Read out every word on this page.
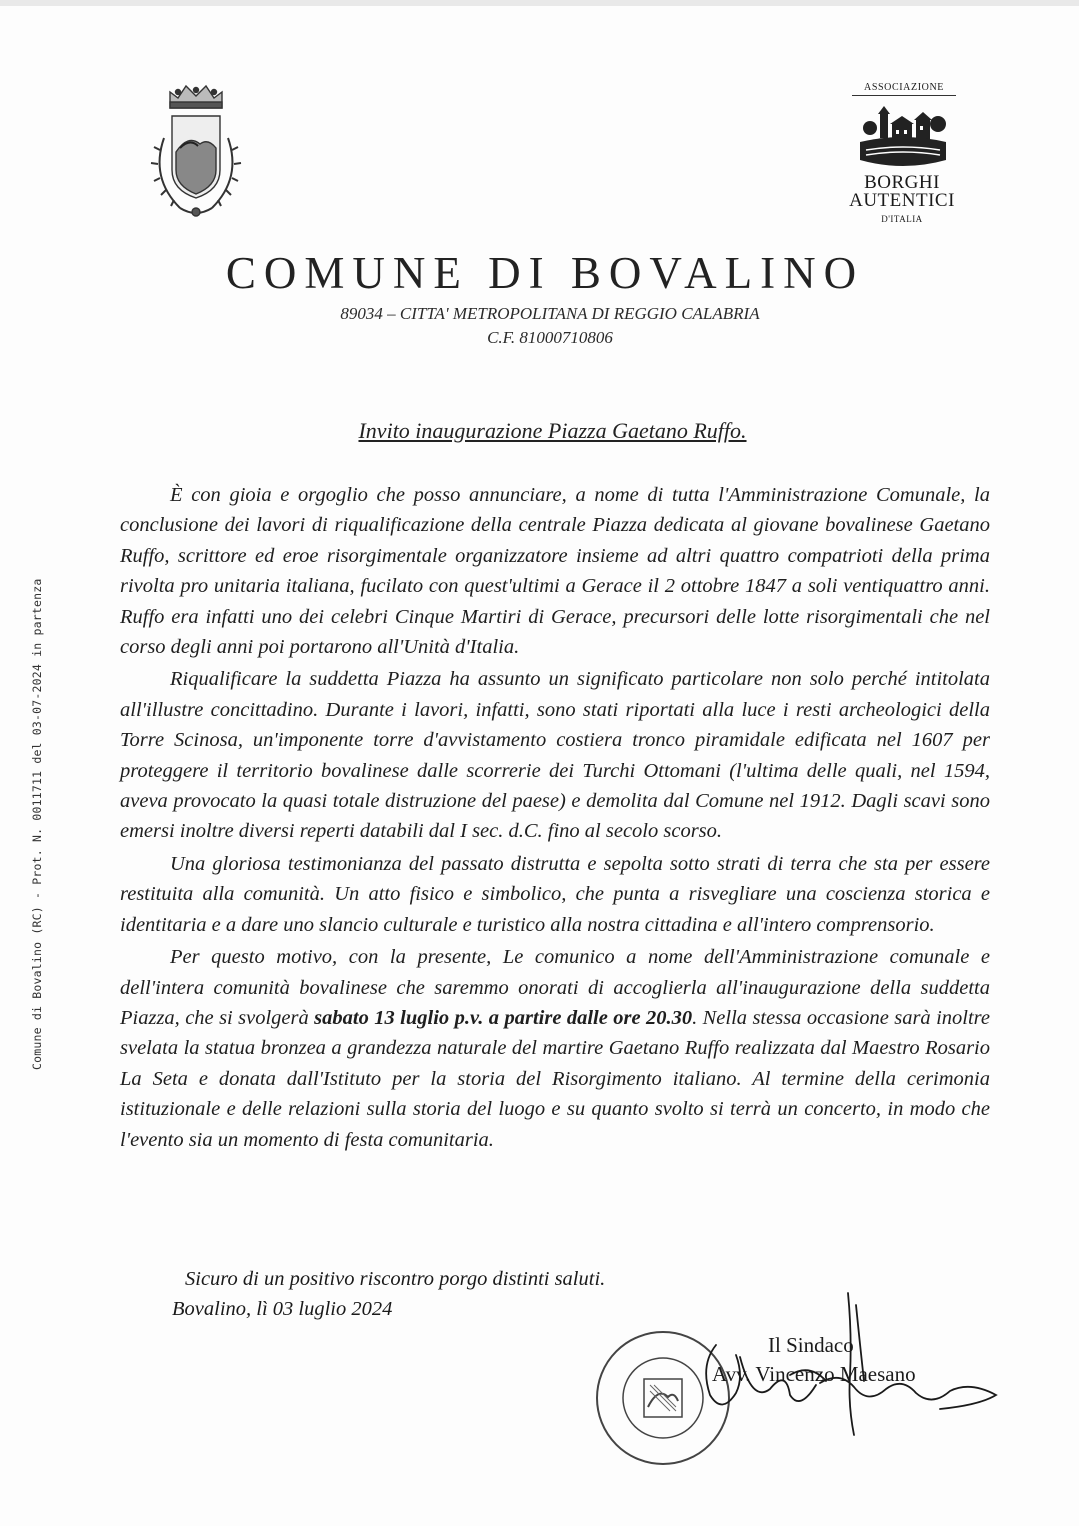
Comune di Bovalino (RC) - Prot. N. 0011711 del 03-07-2024 in partenza
ASSOCIAZIONE
BORGHI
AUTENTICI
D'ITALIA
COMUNE DI BOVALINO
89034 – CITTA' METROPOLITANA DI REGGIO CALABRIA
C.F. 81000710806
Invito inaugurazione Piazza Gaetano Ruffo.

È con gioia e orgoglio che posso annunciare, a nome di tutta l'Amministrazione Comunale, la conclusione dei lavori di riqualificazione della centrale Piazza dedicata al giovane bovalinese Gaetano Ruffo, scrittore ed eroe risorgimentale organizzatore insieme ad altri quattro compatrioti della prima rivolta pro unitaria italiana, fucilato con quest'ultimi a Gerace il 2 ottobre 1847 a soli ventiquattro anni. Ruffo era infatti uno dei celebri Cinque Martiri di Gerace, precursori delle lotte risorgimentali che nel corso degli anni poi portarono all'Unità d'Italia.

Riqualificare la suddetta Piazza ha assunto un significato particolare non solo perché intitolata all'illustre concittadino. Durante i lavori, infatti, sono stati riportati alla luce i resti archeologici della Torre Scinosa, un'imponente torre d'avvistamento costiera tronco piramidale edificata nel 1607 per proteggere il territorio bovalinese dalle scorrerie dei Turchi Ottomani (l'ultima delle quali, nel 1594, aveva provocato la quasi totale distruzione del paese) e demolita dal Comune nel 1912. Dagli scavi sono emersi inoltre diversi reperti databili dal I sec. d.C. fino al secolo scorso.

Una gloriosa testimonianza del passato distrutta e sepolta sotto strati di terra che sta per essere restituita alla comunità. Un atto fisico e simbolico, che punta a risvegliare una coscienza storica e identitaria e a dare uno slancio culturale e turistico alla nostra cittadina e all'intero comprensorio.

Per questo motivo, con la presente, Le comunico a nome dell'Amministrazione comunale e dell'intera comunità bovalinese che saremmo onorati di accoglierla all'inaugurazione della suddetta Piazza, che si svolgerà sabato 13 luglio p.v. a partire dalle ore 20.30. Nella stessa occasione sarà inoltre svelata la statua bronzea a grandezza naturale del martire Gaetano Ruffo realizzata dal Maestro Rosario La Seta e donata dall'Istituto per la storia del Risorgimento italiano. Al termine della cerimonia istituzionale e delle relazioni sulla storia del luogo e su quanto svolto si terrà un concerto, in modo che l'evento sia un momento di festa comunitaria.

Sicuro di un positivo riscontro porgo distinti saluti.
Bovalino, lì 03 luglio 2024
Il Sindaco
Avv. Vincenzo Maesano
